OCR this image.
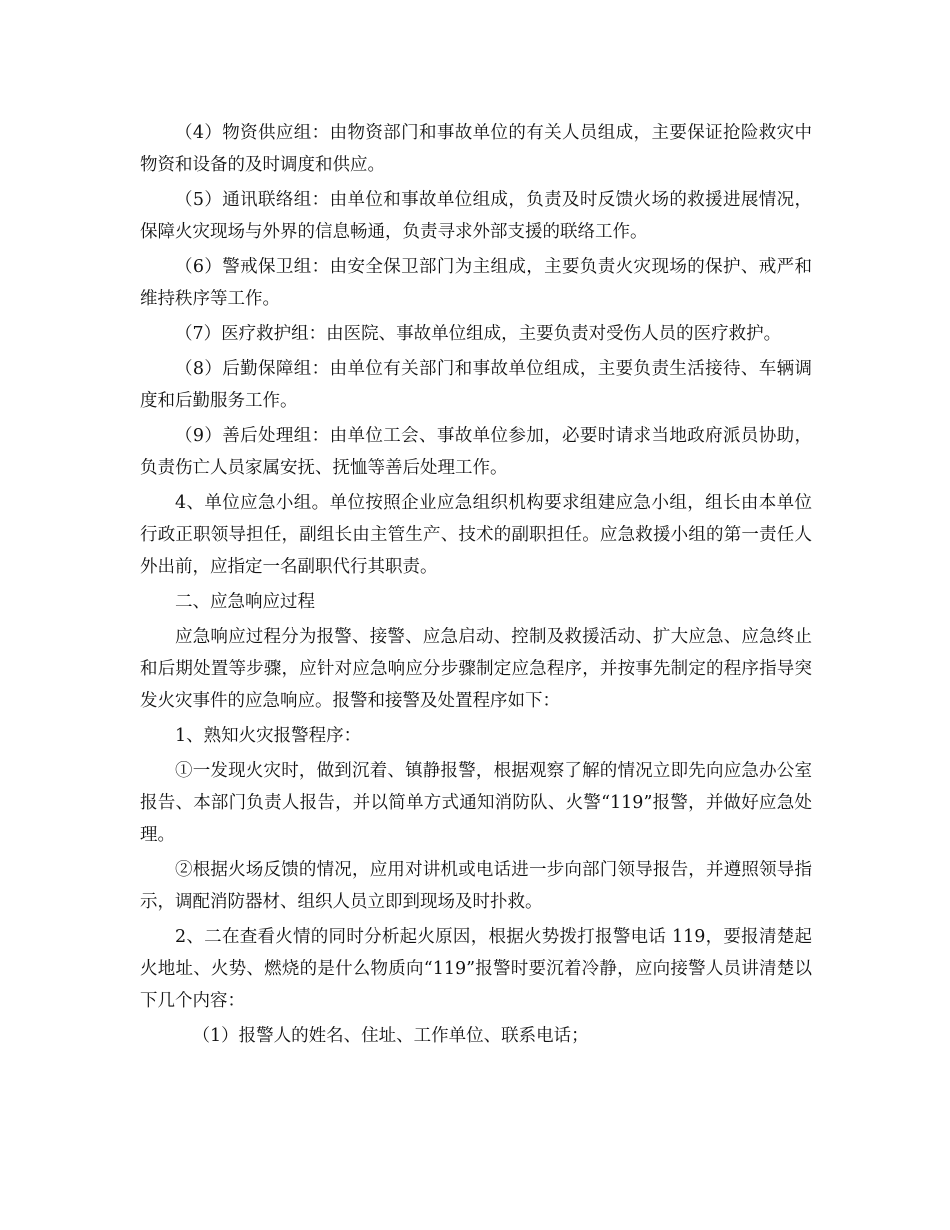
（4）物资供应组：由物资部门和事故单位的有关人员组成，主要保证抢险救灾中物资和设备的及时调度和供应。

（5）通讯联络组：由单位和事故单位组成，负责及时反馈火场的救援进展情况，保障火灾现场与外界的信息畅通，负责寻求外部支援的联络工作。

（6）警戒保卫组：由安全保卫部门为主组成，主要负责火灾现场的保护、戒严和维持秩序等工作。

（7）医疗救护组：由医院、事故单位组成，主要负责对受伤人员的医疗救护。

（8）后勤保障组：由单位有关部门和事故单位组成，主要负责生活接待、车辆调度和后勤服务工作。

（9）善后处理组：由单位工会、事故单位参加，必要时请求当地政府派员协助，负责伤亡人员家属安抚、抚恤等善后处理工作。

4、单位应急小组。单位按照企业应急组织机构要求组建应急小组，组长由本单位行政正职领导担任，副组长由主管生产、技术的副职担任。应急救援小组的第一责任人外出前，应指定一名副职代行其职责。

二、应急响应过程

应急响应过程分为报警、接警、应急启动、控制及救援活动、扩大应急、应急终止和后期处置等步骤，应针对应急响应分步骤制定应急程序，并按事先制定的程序指导突发火灾事件的应急响应。报警和接警及处置程序如下：

1、熟知火灾报警程序：

①一发现火灾时，做到沉着、镇静报警，根据观察了解的情况立即先向应急办公室报告、本部门负责人报告，并以简单方式通知消防队、火警“119”报警，并做好应急处理。

②根据火场反馈的情况，应用对讲机或电话进一步向部门领导报告，并遵照领导指示，调配消防器材、组织人员立即到现场及时扑救。

2、二在查看火情的同时分析起火原因，根据火势拨打报警电话 119，要报清楚起火地址、火势、燃烧的是什么物质向“119”报警时要沉着冷静，应向接警人员讲清楚以下几个内容：

（1）报警人的姓名、住址、工作单位、联系电话；
